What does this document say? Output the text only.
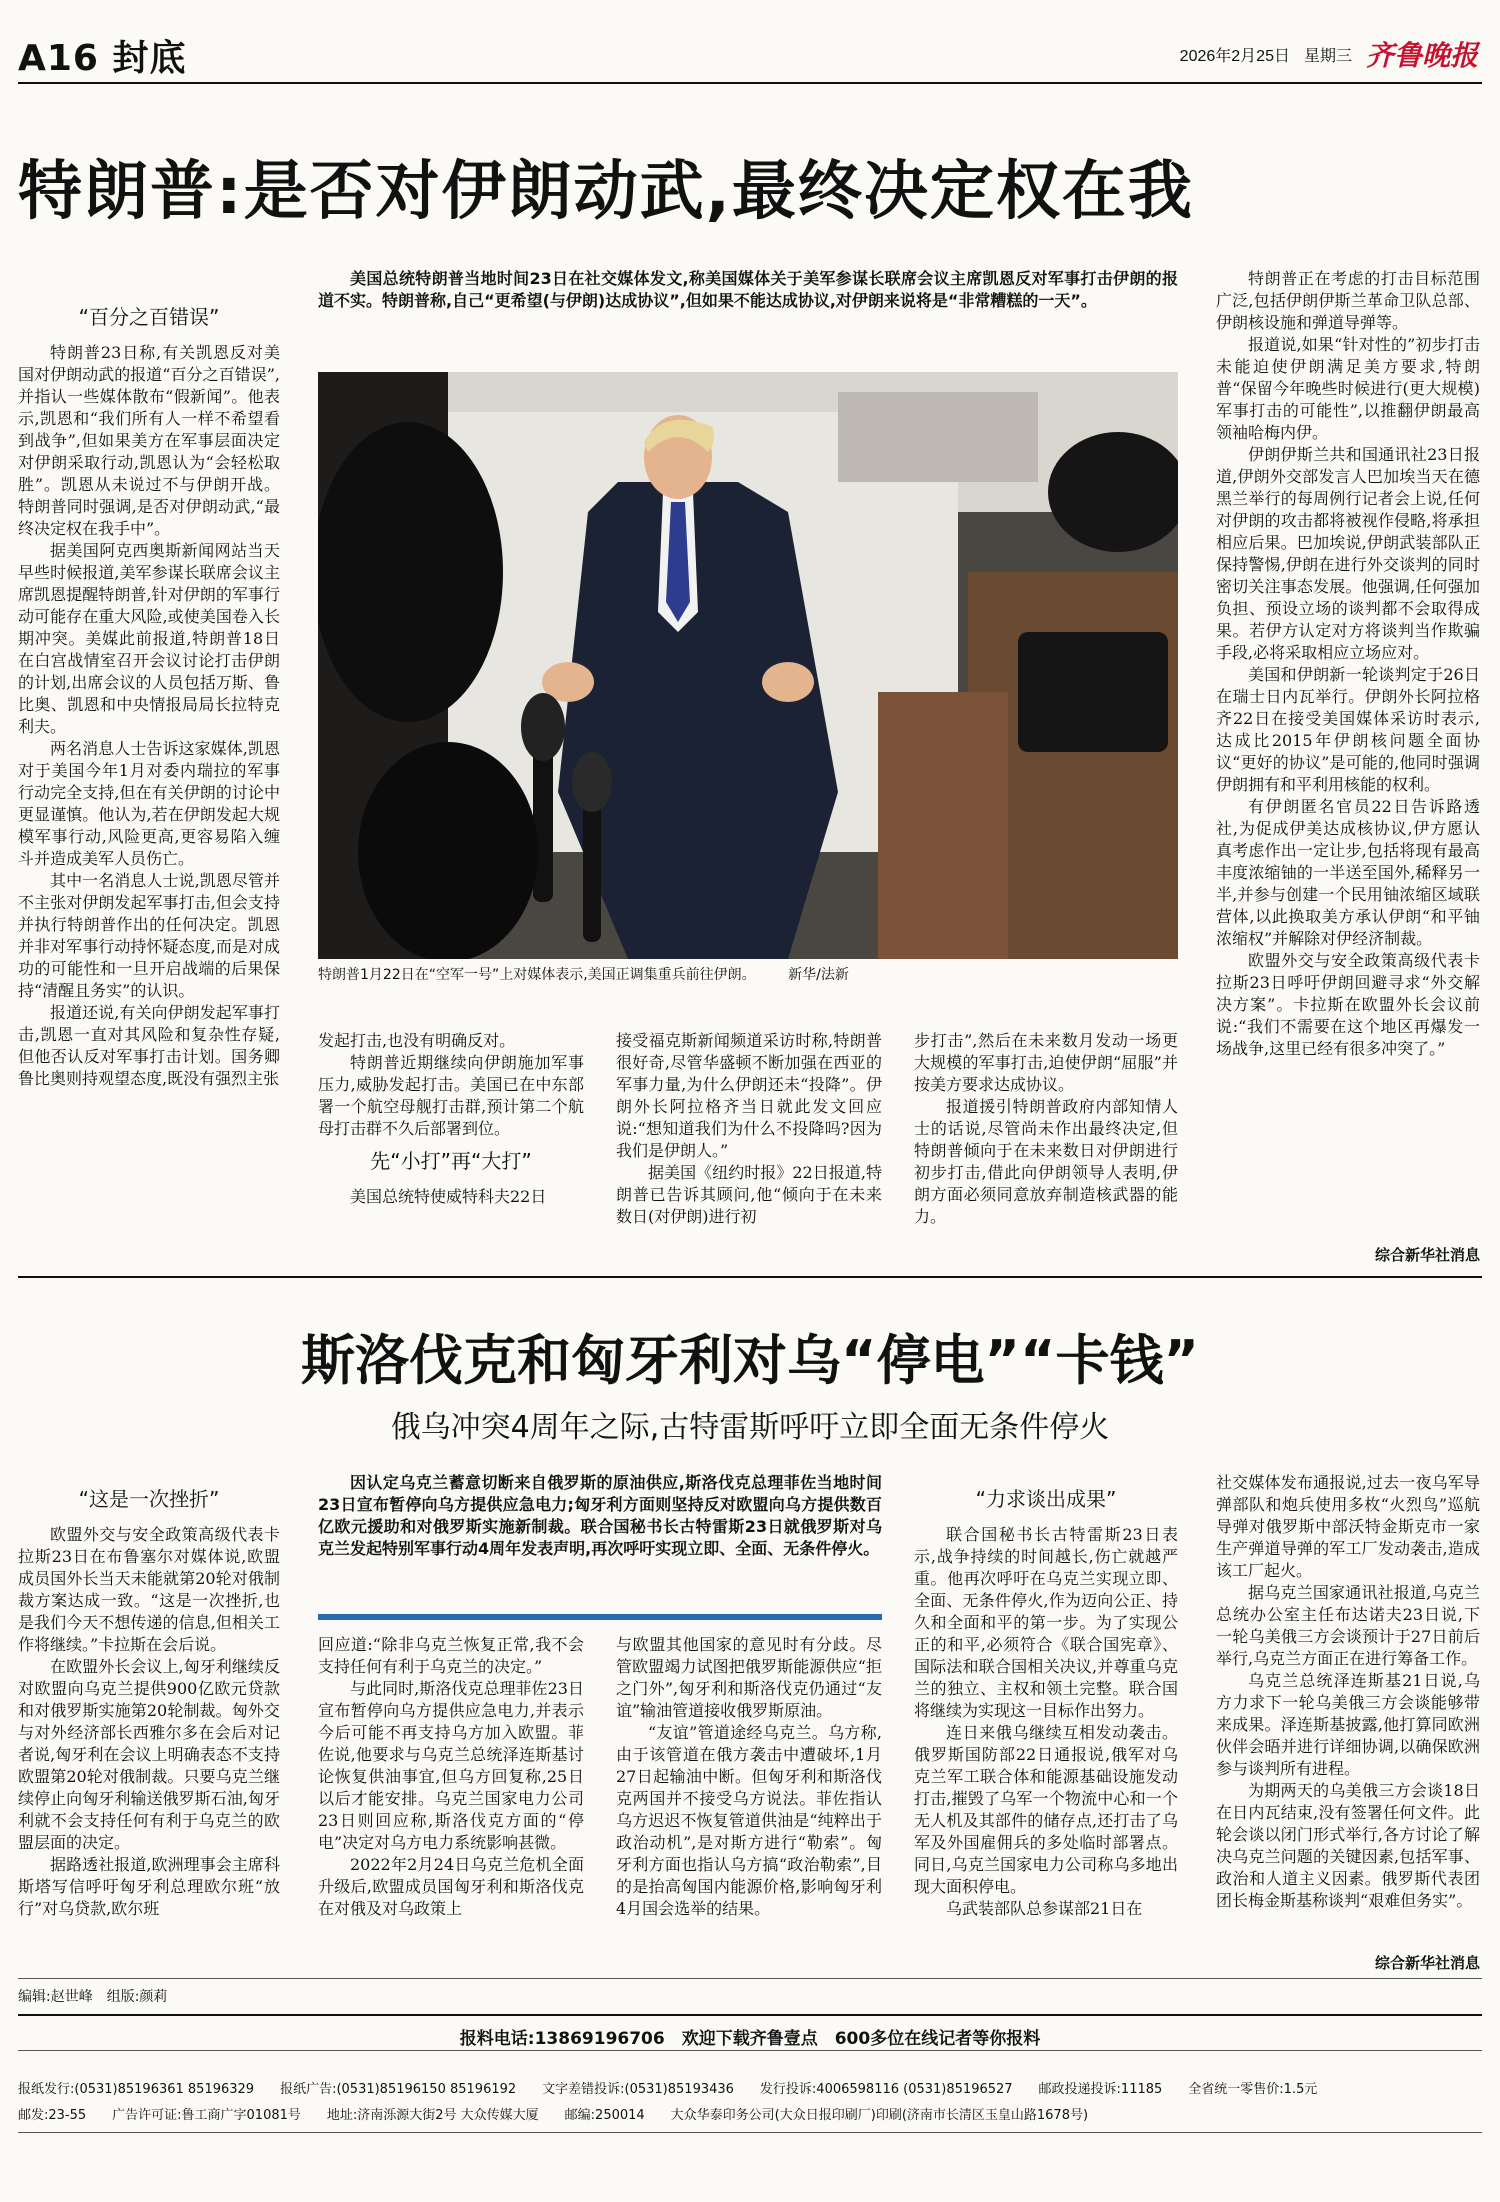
A16 封底	2026年2月25日 星期三 齐鲁晚报
特朗普:是否对伊朗动武,最终决定权在我
“百分之百错误”

特朗普23日称,有关凯恩反对美国对伊朗动武的报道“百分之百错误”,并指认一些媒体散布“假新闻”。他表示,凯恩和“我们所有人一样不希望看到战争”,但如果美方在军事层面决定对伊朗采取行动,凯恩认为“会轻松取胜”。凯恩从未说过不与伊朗开战。特朗普同时强调,是否对伊朗动武,“最终决定权在我手中”。

据美国阿克西奥斯新闻网站当天早些时候报道,美军参谋长联席会议主席凯恩提醒特朗普,针对伊朗的军事行动可能存在重大风险,或使美国卷入长期冲突。美媒此前报道,特朗普18日在白宫战情室召开会议讨论打击伊朗的计划,出席会议的人员包括万斯、鲁比奥、凯恩和中央情报局局长拉特克利夫。

两名消息人士告诉这家媒体,凯恩对于美国今年1月对委内瑞拉的军事行动完全支持,但在有关伊朗的讨论中更显谨慎。他认为,若在伊朗发起大规模军事行动,风险更高,更容易陷入缠斗并造成美军人员伤亡。

其中一名消息人士说,凯恩尽管并不主张对伊朗发起军事打击,但会支持并执行特朗普作出的任何决定。凯恩并非对军事行动持怀疑态度,而是对成功的可能性和一旦开启战端的后果保持“清醒且务实”的认识。

报道还说,有关向伊朗发起军事打击,凯恩一直对其风险和复杂性存疑,但他否认反对军事打击计划。国务卿鲁比奥则持观望态度,既没有强烈主张

美国总统特朗普当地时间23日在社交媒体发文,称美国媒体关于美军参谋长联席会议主席凯恩反对军事打击伊朗的报道不实。特朗普称,自己“更希望(与伊朗)达成协议”,但如果不能达成协议,对伊朗来说将是“非常糟糕的一天”。
特朗普1月22日在“空军一号”上对媒体表示,美国正调集重兵前往伊朗。 新华/法新

发起打击,也没有明确反对。

特朗普近期继续向伊朗施加军事压力,威胁发起打击。美国已在中东部署一个航空母舰打击群,预计第二个航母打击群不久后部署到位。

先“小打”再“大打”

美国总统特使威特科夫22日

接受福克斯新闻频道采访时称,特朗普很好奇,尽管华盛顿不断加强在西亚的军事力量,为什么伊朗还未“投降”。伊朗外长阿拉格齐当日就此发文回应说:“想知道我们为什么不投降吗?因为我们是伊朗人。”

据美国《纽约时报》22日报道,特朗普已告诉其顾问,他“倾向于在未来数日(对伊朗)进行初

步打击”,然后在未来数月发动一场更大规模的军事打击,迫使伊朗“屈服”并按美方要求达成协议。

报道援引特朗普政府内部知情人士的话说,尽管尚未作出最终决定,但特朗普倾向于在未来数日对伊朗进行初步打击,借此向伊朗领导人表明,伊朗方面必须同意放弃制造核武器的能力。

特朗普正在考虑的打击目标范围广泛,包括伊朗伊斯兰革命卫队总部、伊朗核设施和弹道导弹等。

报道说,如果“针对性的”初步打击未能迫使伊朗满足美方要求,特朗普“保留今年晚些时候进行(更大规模)军事打击的可能性”,以推翻伊朗最高领袖哈梅内伊。

伊朗伊斯兰共和国通讯社23日报道,伊朗外交部发言人巴加埃当天在德黑兰举行的每周例行记者会上说,任何对伊朗的攻击都将被视作侵略,将承担相应后果。巴加埃说,伊朗武装部队正保持警惕,伊朗在进行外交谈判的同时密切关注事态发展。他强调,任何强加负担、预设立场的谈判都不会取得成果。若伊方认定对方将谈判当作欺骗手段,必将采取相应立场应对。

美国和伊朗新一轮谈判定于26日在瑞士日内瓦举行。伊朗外长阿拉格齐22日在接受美国媒体采访时表示,达成比2015年伊朗核问题全面协议“更好的协议”是可能的,他同时强调伊朗拥有和平利用核能的权利。

有伊朗匿名官员22日告诉路透社,为促成伊美达成核协议,伊方愿认真考虑作出一定让步,包括将现有最高丰度浓缩铀的一半送至国外,稀释另一半,并参与创建一个民用铀浓缩区域联营体,以此换取美方承认伊朗“和平铀浓缩权”并解除对伊经济制裁。

欧盟外交与安全政策高级代表卡拉斯23日呼吁伊朗回避寻求“外交解决方案”。卡拉斯在欧盟外长会议前说:“我们不需要在这个地区再爆发一场战争,这里已经有很多冲突了。”

综合新华社消息
斯洛伐克和匈牙利对乌“停电”“卡钱”
俄乌冲突4周年之际,古特雷斯呼吁立即全面无条件停火
“这是一次挫折”

欧盟外交与安全政策高级代表卡拉斯23日在布鲁塞尔对媒体说,欧盟成员国外长当天未能就第20轮对俄制裁方案达成一致。“这是一次挫折,也是我们今天不想传递的信息,但相关工作将继续。”卡拉斯在会后说。

在欧盟外长会议上,匈牙利继续反对欧盟向乌克兰提供900亿欧元贷款和对俄罗斯实施第20轮制裁。匈外交与对外经济部长西雅尔多在会后对记者说,匈牙利在会议上明确表态不支持欧盟第20轮对俄制裁。只要乌克兰继续停止向匈牙利输送俄罗斯石油,匈牙利就不会支持任何有利于乌克兰的欧盟层面的决定。

据路透社报道,欧洲理事会主席科斯塔写信呼吁匈牙利总理欧尔班“放行”对乌贷款,欧尔班

因认定乌克兰蓄意切断来自俄罗斯的原油供应,斯洛伐克总理菲佐当地时间23日宣布暂停向乌方提供应急电力;匈牙利方面则坚持反对欧盟向乌方提供数百亿欧元援助和对俄罗斯实施新制裁。联合国秘书长古特雷斯23日就俄罗斯对乌克兰发起特别军事行动4周年发表声明,再次呼吁实现立即、全面、无条件停火。

回应道:“除非乌克兰恢复正常,我不会支持任何有利于乌克兰的决定。”

与此同时,斯洛伐克总理菲佐23日宣布暂停向乌方提供应急电力,并表示今后可能不再支持乌方加入欧盟。菲佐说,他要求与乌克兰总统泽连斯基讨论恢复供油事宜,但乌方回复称,25日以后才能安排。乌克兰国家电力公司23日则回应称,斯洛伐克方面的“停电”决定对乌方电力系统影响甚微。

2022年2月24日乌克兰危机全面升级后,欧盟成员国匈牙利和斯洛伐克在对俄及对乌政策上

与欧盟其他国家的意见时有分歧。尽管欧盟竭力试图把俄罗斯能源供应“拒之门外”,匈牙利和斯洛伐克仍通过“友谊”输油管道接收俄罗斯原油。

“友谊”管道途经乌克兰。乌方称,由于该管道在俄方袭击中遭破坏,1月27日起输油中断。但匈牙利和斯洛伐克两国并不接受乌方说法。菲佐指认乌方迟迟不恢复管道供油是“纯粹出于政治动机”,是对斯方进行“勒索”。匈牙利方面也指认乌方搞“政治勒索”,目的是抬高匈国内能源价格,影响匈牙利4月国会选举的结果。

“力求谈出成果”

联合国秘书长古特雷斯23日表示,战争持续的时间越长,伤亡就越严重。他再次呼吁在乌克兰实现立即、全面、无条件停火,作为迈向公正、持久和全面和平的第一步。为了实现公正的和平,必须符合《联合国宪章》、国际法和联合国相关决议,并尊重乌克兰的独立、主权和领土完整。联合国将继续为实现这一目标作出努力。

连日来俄乌继续互相发动袭击。俄罗斯国防部22日通报说,俄军对乌克兰军工联合体和能源基础设施发动打击,摧毁了乌军一个物流中心和一个无人机及其部件的储存点,还打击了乌军及外国雇佣兵的多处临时部署点。同日,乌克兰国家电力公司称乌多地出现大面积停电。

乌武装部队总参谋部21日在

社交媒体发布通报说,过去一夜乌军导弹部队和炮兵使用多枚“火烈鸟”巡航导弹对俄罗斯中部沃特金斯克市一家生产弹道导弹的军工厂发动袭击,造成该工厂起火。

据乌克兰国家通讯社报道,乌克兰总统办公室主任布达诺夫23日说,下一轮乌美俄三方会谈预计于27日前后举行,乌克兰方面正在进行筹备工作。

乌克兰总统泽连斯基21日说,乌方力求下一轮乌美俄三方会谈能够带来成果。泽连斯基披露,他打算同欧洲伙伴会晤并进行详细协调,以确保欧洲参与谈判所有进程。

为期两天的乌美俄三方会谈18日在日内瓦结束,没有签署任何文件。此轮会谈以闭门形式举行,各方讨论了解决乌克兰问题的关键因素,包括军事、政治和人道主义因素。俄罗斯代表团团长梅金斯基称谈判“艰难但务实”。

综合新华社消息
编辑:赵世峰　组版:颜莉
报料电话:13869196706　欢迎下载齐鲁壹点　600多位在线记者等你报料
报纸发行:(0531)85196361 85196329　　报纸广告:(0531)85196150 85196192　　文字差错投诉:(0531)85193436　　发行投诉:4006598116 (0531)85196527　　邮政投递投诉:11185　　全省统一零售价:1.5元
邮发:23-55　　广告许可证:鲁工商广字01081号　　地址:济南泺源大街2号 大众传媒大厦　　邮编:250014　　大众华泰印务公司(大众日报印刷厂)印刷(济南市长清区玉皇山路1678号)
